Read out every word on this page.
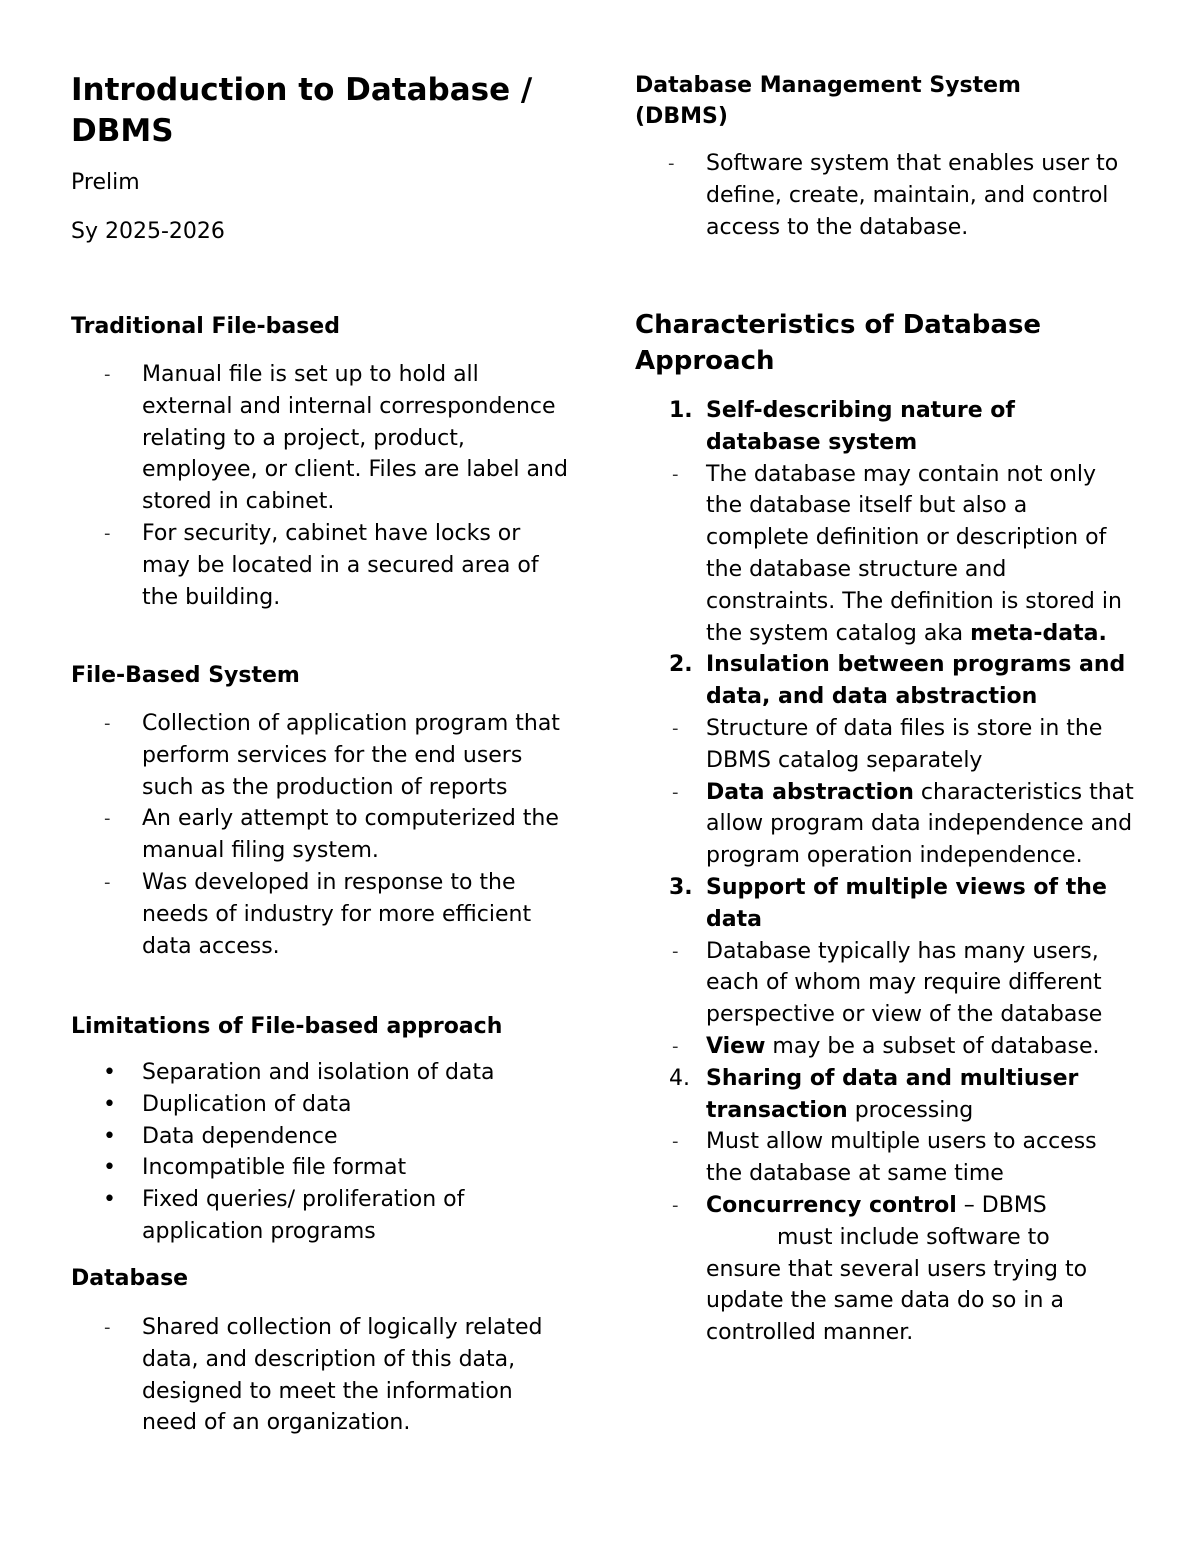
Introduction to Database / DBMS

Prelim

Sy 2025-2026

Traditional File-based
- Manual file is set up to hold all external and internal correspondence relating to a project, product, employee, or client. Files are label and stored in cabinet.
- For security, cabinet have locks or may be located in a secured area of the building.
File-Based System
- Collection of application program that perform services for the end users such as the production of reports
- An early attempt to computerized the manual filing system.
- Was developed in response to the needs of industry for more efficient data access.
Limitations of File-based approach
• Separation and isolation of data
• Duplication of data
• Data dependence
• Incompatible file format
• Fixed queries/ proliferation of application programs
Database
- Shared collection of logically related data, and description of this data, designed to meet the information need of an organization.
Database Management System (DBMS)
- Software system that enables user to define, create, maintain, and control access to the database.
Characteristics of Database Approach
1. Self-describing nature of database system
- The database may contain not only the database itself but also a complete definition or description of the database structure and constraints. The definition is stored in the system catalog aka meta-data.
2. Insulation between programs and data, and data abstraction
- Structure of data files is store in the DBMS catalog separately
- Data abstraction characteristics that allow program data independence and program operation independence.
3. Support of multiple views of the data
- Database typically has many users, each of whom may require different perspective or view of the database
- View may be a subset of database.
4. Sharing of data and multiuser transaction processing
- Must allow multiple users to access the database at same time
- Concurrency control – DBMS
must include software to
ensure that several users trying to update the same data do so in a controlled manner.
